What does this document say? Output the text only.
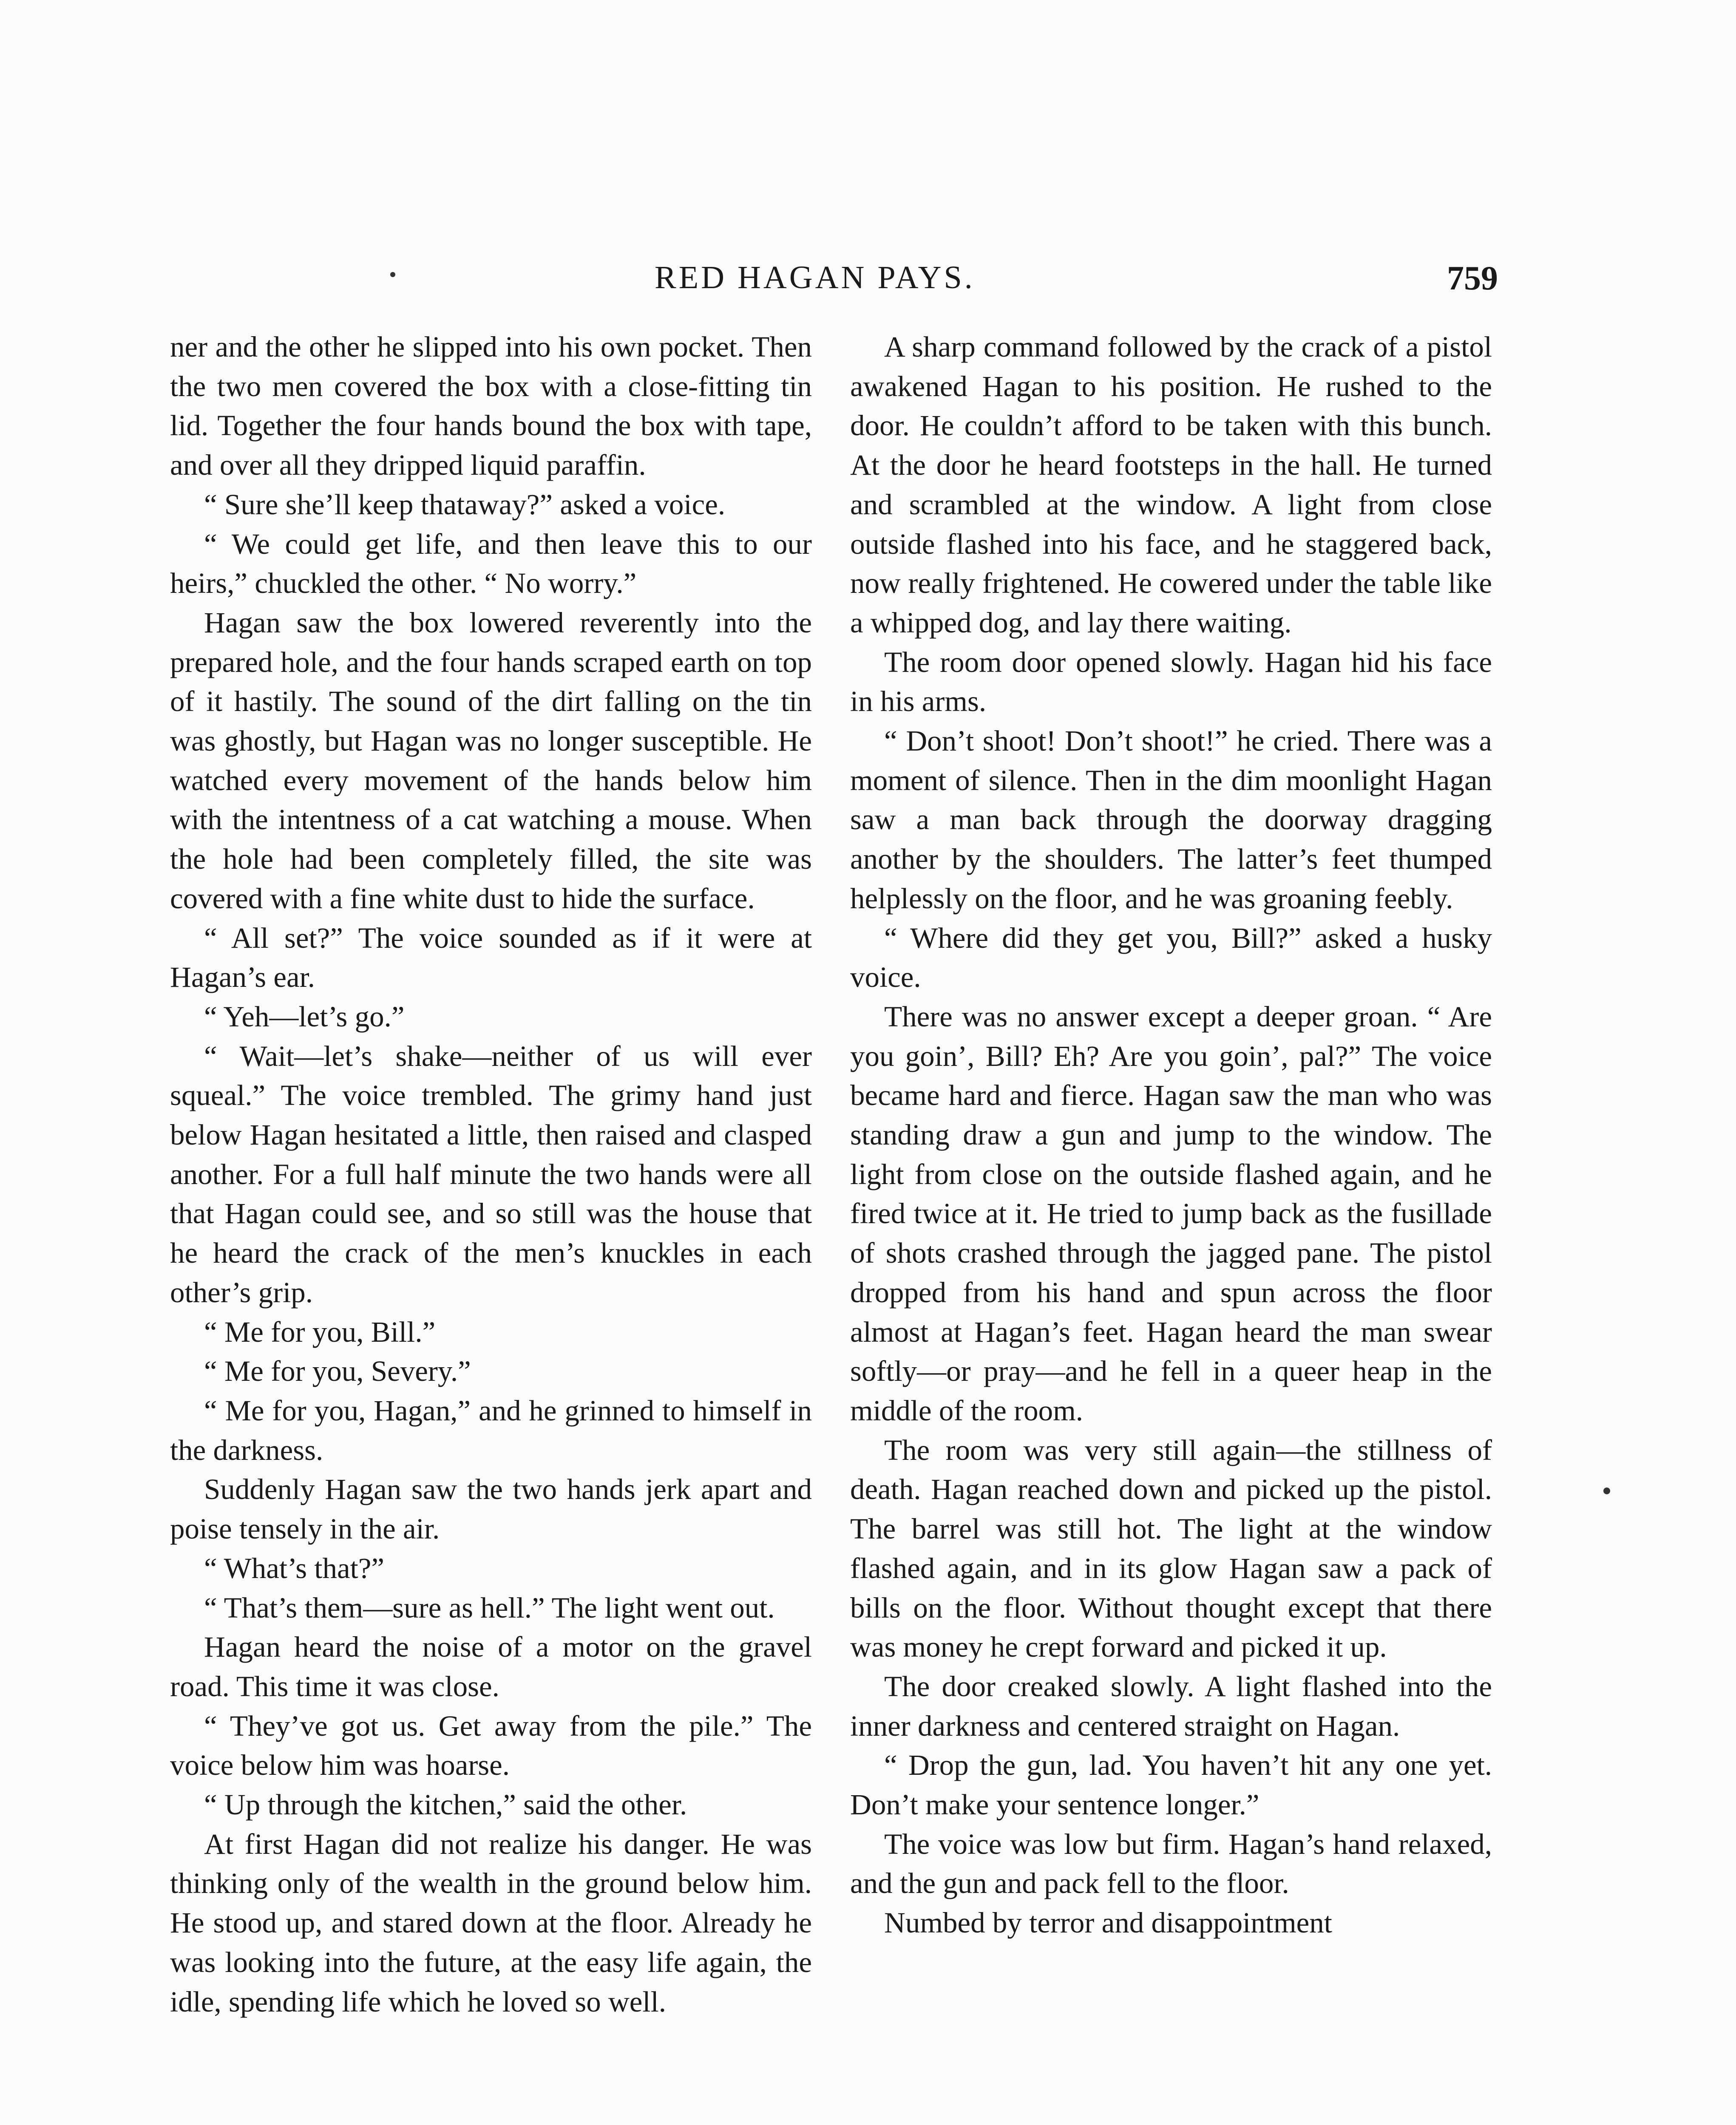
RED HAGAN PAYS.	759

ner and the other he slipped into his own pocket. Then the two men covered the box with a close-fitting tin lid. Together the four hands bound the box with tape, and over all they dripped liquid paraffin.

“ Sure she’ll keep thataway?” asked a voice.

“ We could get life, and then leave this to our heirs,” chuckled the other. “ No worry.”

Hagan saw the box lowered reverently into the prepared hole, and the four hands scraped earth on top of it hastily. The sound of the dirt falling on the tin was ghostly, but Hagan was no longer susceptible. He watched every movement of the hands below him with the intentness of a cat watching a mouse. When the hole had been completely filled, the site was covered with a fine white dust to hide the surface.

“ All set?” The voice sounded as if it were at Hagan’s ear.

“ Yeh—let’s go.”

“ Wait—let’s shake—neither of us will ever squeal.” The voice trembled. The grimy hand just below Hagan hesitated a little, then raised and clasped another. For a full half minute the two hands were all that Hagan could see, and so still was the house that he heard the crack of the men’s knuckles in each other’s grip.

“ Me for you, Bill.”

“ Me for you, Severy.”

“ Me for you, Hagan,” and he grinned to himself in the darkness.

Suddenly Hagan saw the two hands jerk apart and poise tensely in the air.

“ What’s that?”

“ That’s them—sure as hell.” The light went out.

Hagan heard the noise of a motor on the gravel road. This time it was close.

“ They’ve got us. Get away from the pile.” The voice below him was hoarse.

“ Up through the kitchen,” said the other.

At first Hagan did not realize his danger. He was thinking only of the wealth in the ground below him. He stood up, and stared down at the floor. Already he was looking into the future, at the easy life again, the idle, spending life which he loved so well.

A sharp command followed by the crack of a pistol awakened Hagan to his position. He rushed to the door. He couldn’t afford to be taken with this bunch. At the door he heard footsteps in the hall. He turned and scrambled at the window. A light from close outside flashed into his face, and he staggered back, now really frightened. He cowered under the table like a whipped dog, and lay there waiting.

The room door opened slowly. Hagan hid his face in his arms.

“ Don’t shoot! Don’t shoot!” he cried. There was a moment of silence. Then in the dim moonlight Hagan saw a man back through the doorway dragging another by the shoulders. The latter’s feet thumped helplessly on the floor, and he was groaning feebly.

“ Where did they get you, Bill?” asked a husky voice.

There was no answer except a deeper groan. “ Are you goin’, Bill? Eh? Are you goin’, pal?” The voice became hard and fierce. Hagan saw the man who was standing draw a gun and jump to the window. The light from close on the outside flashed again, and he fired twice at it. He tried to jump back as the fusillade of shots crashed through the jagged pane. The pistol dropped from his hand and spun across the floor almost at Hagan’s feet. Hagan heard the man swear softly—or pray—and he fell in a queer heap in the middle of the room.

The room was very still again—the stillness of death. Hagan reached down and picked up the pistol. The barrel was still hot. The light at the window flashed again, and in its glow Hagan saw a pack of bills on the floor. Without thought except that there was money he crept forward and picked it up.

The door creaked slowly. A light flashed into the inner darkness and centered straight on Hagan.

“ Drop the gun, lad. You haven’t hit any one yet. Don’t make your sentence longer.”

The voice was low but firm. Hagan’s hand relaxed, and the gun and pack fell to the floor.

Numbed by terror and disappointment
